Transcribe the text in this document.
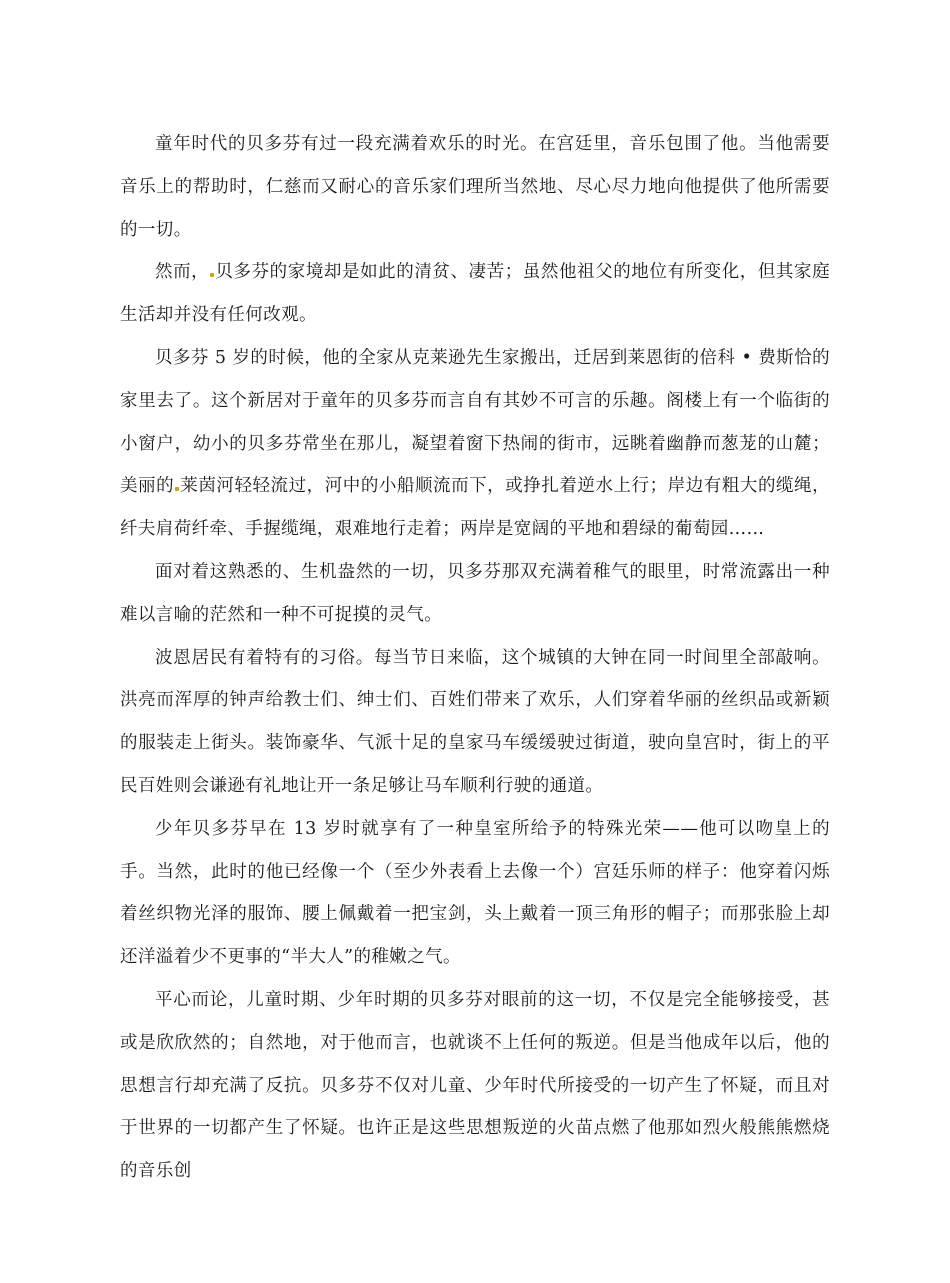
童年时代的贝多芬有过一段充满着欢乐的时光。在宫廷里，音乐包围了他。当他需要音乐上的帮助时，仁慈而又耐心的音乐家们理所当然地、尽心尽力地向他提供了他所需要的一切。

然而， 贝多芬的家境却是如此的清贫、凄苦；虽然他祖父的地位有所变化，但其家庭生活却并没有任何改观。

贝多芬 5 岁的时候，他的全家从克莱逊先生家搬出，迁居到莱恩街的倍科 • 费斯恰的家里去了。这个新居对于童年的贝多芬而言自有其妙不可言的乐趣。阁楼上有一个临街的小窗户，幼小的贝多芬常坐在那儿，凝望着窗下热闹的街市，远眺着幽静而葱茏的山麓；美丽的 莱茵河轻轻流过，河中的小船顺流而下，或挣扎着逆水上行；岸边有粗大的缆绳，纤夫肩荷纤牵、手握缆绳，艰难地行走着；两岸是宽阔的平地和碧绿的葡萄园……

面对着这熟悉的、生机盎然的一切，贝多芬那双充满着稚气的眼里，时常流露出一种难以言喻的茫然和一种不可捉摸的灵气。

波恩居民有着特有的习俗。每当节日来临，这个城镇的大钟在同一时间里全部敲响。洪亮而浑厚的钟声给教士们、绅士们、百姓们带来了欢乐，人们穿着华丽的丝织品或新颖的服装走上街头。装饰豪华、气派十足的皇家马车缓缓驶过街道，驶向皇宫时，街上的平民百姓则会谦逊有礼地让开一条足够让马车顺利行驶的通道。

少年贝多芬早在 13 岁时就享有了一种皇室所给予的特殊光荣——他可以吻皇上的手。当然，此时的他已经像一个（至少外表看上去像一个）宫廷乐师的样子：他穿着闪烁着丝织物光泽的服饰、腰上佩戴着一把宝剑，头上戴着一顶三角形的帽子；而那张脸上却还洋溢着少不更事的“半大人”的稚嫩之气。

平心而论，儿童时期、少年时期的贝多芬对眼前的这一切，不仅是完全能够接受，甚或是欣欣然的；自然地，对于他而言，也就谈不上任何的叛逆。但是当他成年以后，他的思想言行却充满了反抗。贝多芬不仅对儿童、少年时代所接受的一切产生了怀疑，而且对于世界的一切都产生了怀疑。也许正是这些思想叛逆的火苗点燃了他那如烈火般熊熊燃烧的音乐创
